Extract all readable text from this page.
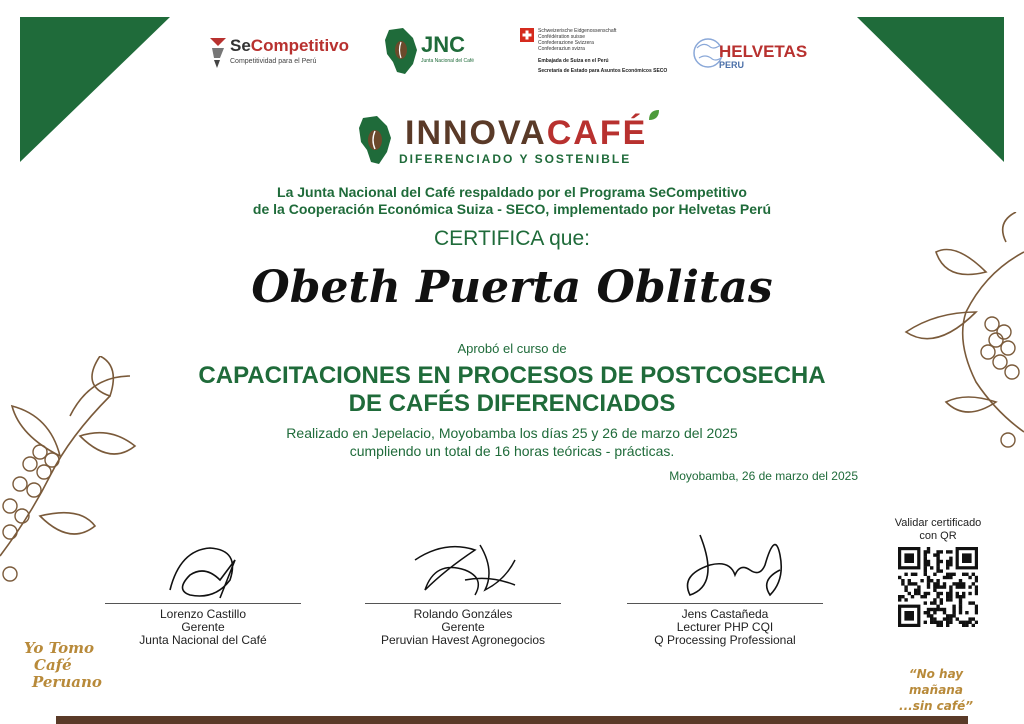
SeCompetitivo
Competitividad para el Perú
JNC
Junta Nacional del Café
Schweizerische Eidgenossenschaft
Confédération suisse
Confederazione Svizzera
Confederaziun svizra
Embajada de Suiza en el Perú
Secretaría de Estado para Asuntos Económicos SECO
HELVETAS
PERU
INNOVACAFÉ
DIFERENCIADO Y SOSTENIBLE
La Junta Nacional del Café respaldado por el Programa SeCompetitivo
de la Cooperación Económica Suiza - SECO, implementado por Helvetas Perú
CERTIFICA que:
Obeth Puerta Oblitas
Aprobó el curso de
CAPACITACIONES EN PROCESOS DE POSTCOSECHA
DE CAFÉS DIFERENCIADOS
Realizado en Jepelacio, Moyobamba los días 25 y 26 de marzo del 2025
cumpliendo un total de 16 horas teóricas - prácticas.
Moyobamba, 26 de marzo del 2025
Lorenzo Castillo
Gerente
Junta Nacional del Café
Rolando Gonzáles
Gerente
Peruvian Havest Agronegocios
Jens Castañeda
Lecturer PHP CQI
Q Processing Professional
Validar certificado
con QR
Yo Tomo
Café
Peruano	“No hay mañana
...sin café”
